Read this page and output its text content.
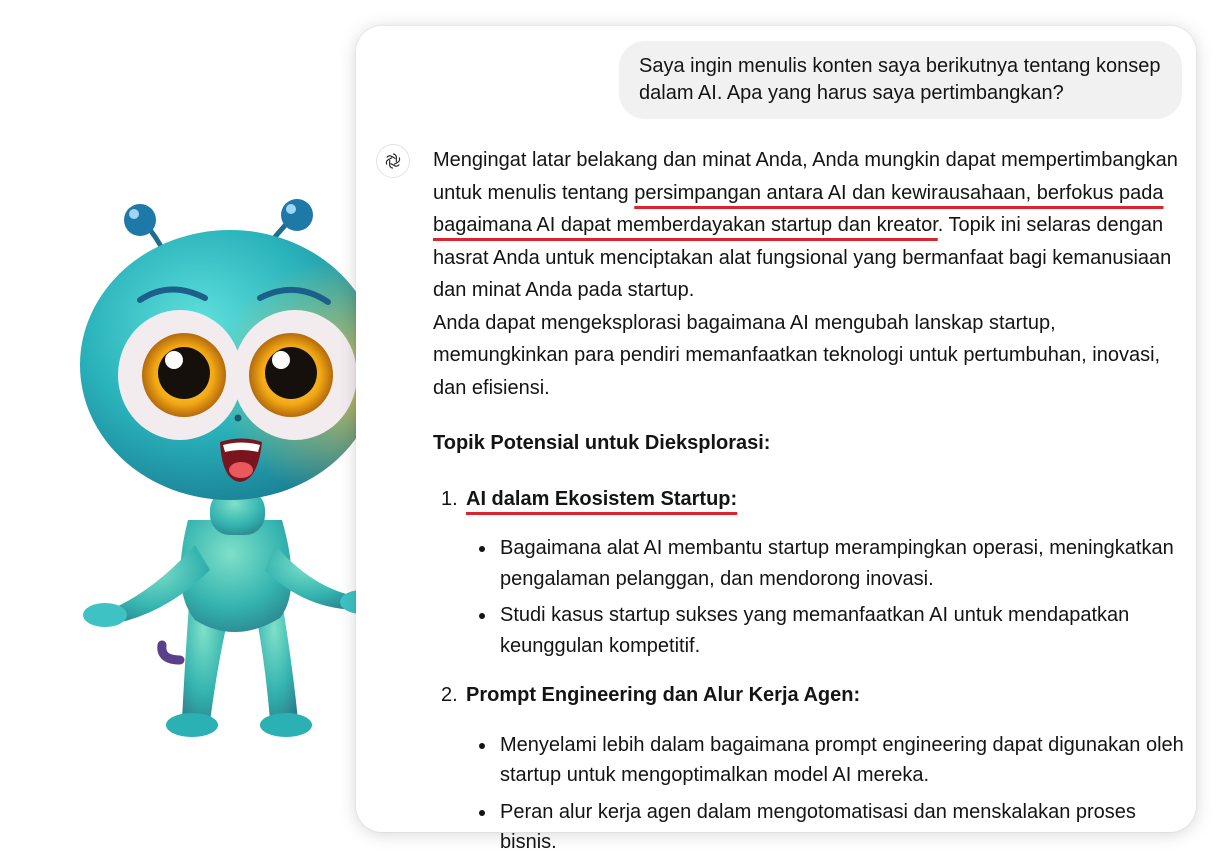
Saya ingin menulis konten saya berikutnya tentang konsep dalam AI. Apa yang harus saya pertimbangkan?

Mengingat latar belakang dan minat Anda, Anda mungkin dapat mempertimbangkan untuk menulis tentang persimpangan antara AI dan kewirausahaan, berfokus pada bagaimana AI dapat memberdayakan startup dan kreator. Topik ini selaras dengan hasrat Anda untuk menciptakan alat fungsional yang bermanfaat bagi kemanusiaan dan minat Anda pada startup.

Anda dapat mengeksplorasi bagaimana AI mengubah lanskap startup, memungkinkan para pendiri memanfaatkan teknologi untuk pertumbuhan, inovasi, dan efisiensi.

Topik Potensial untuk Dieksplorasi:

1. AI dalam Ekosistem Startup:
Bagaimana alat AI membantu startup merampingkan operasi, meningkatkan pengalaman pelanggan, dan mendorong inovasi.
Studi kasus startup sukses yang memanfaatkan AI untuk mendapatkan keunggulan kompetitif.
2. Prompt Engineering dan Alur Kerja Agen:
Menyelami lebih dalam bagaimana prompt engineering dapat digunakan oleh startup untuk mengoptimalkan model AI mereka.
Peran alur kerja agen dalam mengotomatisasi dan menskalakan proses bisnis.
